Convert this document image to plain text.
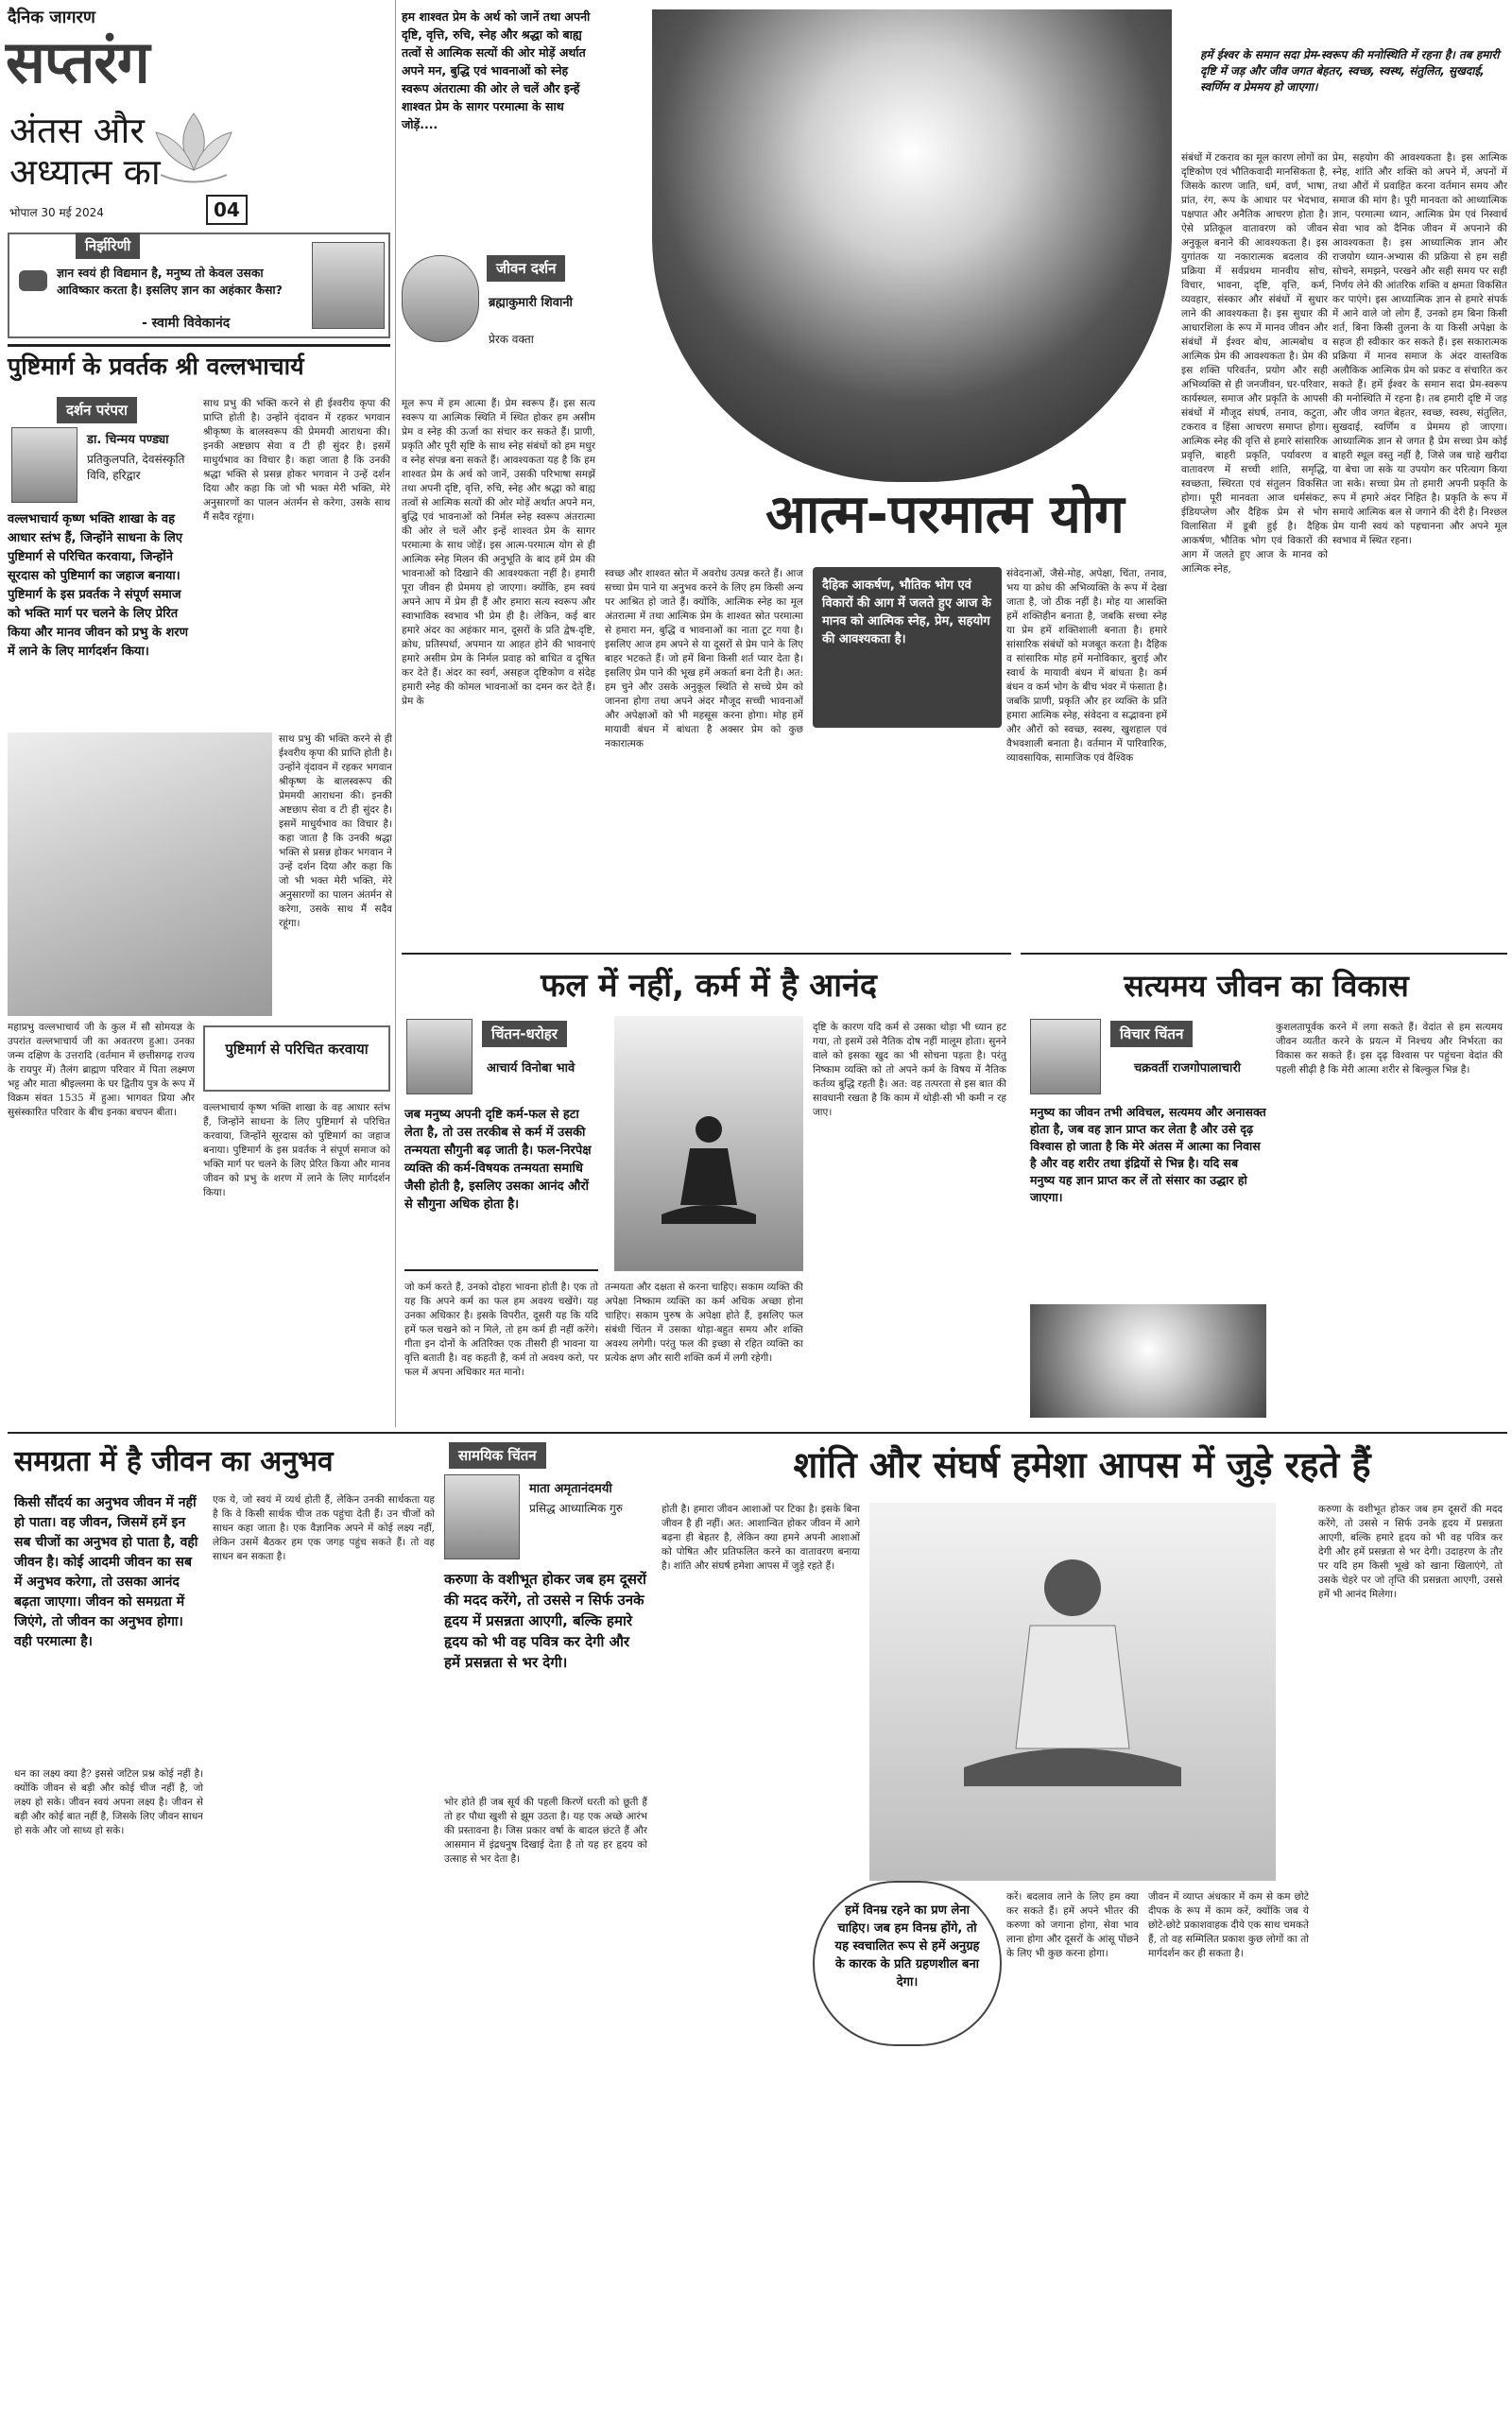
दैनिक जागरण
सप्तरंग
अंतस और
अध्यात्म का
भोपाल 30 मई 2024	04
निर्झरिणी
ज्ञान स्वयं ही विद्यमान है, मनुष्य तो केवल उसका आविष्कार करता है। इसलिए ज्ञान का अहंकार कैसा?
- स्वामी विवेकानंद
हम शाश्वत प्रेम के अर्थ को जानें तथा अपनी दृष्टि, वृत्ति, रुचि, स्नेह और श्रद्धा को बाह्य तत्वों से आत्मिक सत्यों की ओर मोड़ें अर्थात अपने मन, बुद्धि एवं भावनाओं को स्नेह स्वरूप अंतरात्मा की ओर ले चलें और इन्हें शाश्वत प्रेम के सागर परमात्मा के साथ जोड़ें....
जीवन दर्शन
ब्रह्माकुमारी शिवानी
प्रेरक वक्ता
हमें ईश्वर के समान सदा प्रेम-स्वरूप की मनोस्थिति में रहना है। तब हमारी दृष्टि में जड़ और जीव जगत बेहतर, स्वच्छ, स्वस्थ, संतुलित, सुखदाई, स्वर्णिम व प्रेममय हो जाएगा।
आत्म-परमात्म योग
दैहिक आकर्षण, भौतिक भोग एवं विकारों की आग में जलते हुए आज के मानव को आत्मिक स्नेह, प्रेम, सहयोग की आवश्यकता है।
मूल रूप में हम आत्मा हैं। प्रेम स्वरूप हैं। इस सत्य स्वरूप या आत्मिक स्थिति में स्थित होकर हम असीम प्रेम व स्नेह की ऊर्जा का संचार कर सकते हैं। प्राणी, प्रकृति और पूरी सृष्टि के साथ स्नेह संबंधों को हम मधुर व स्नेह संपन्न बना सकते हैं। आवश्यकता यह है कि हम शाश्वत प्रेम के अर्थ को जानें, उसकी परिभाषा समझें तथा अपनी दृष्टि, वृत्ति, रुचि, स्नेह और श्रद्धा को बाह्य तत्वों से आत्मिक सत्यों की ओर मोड़ें अर्थात अपने मन, बुद्धि एवं भावनाओं को निर्मल स्नेह स्वरूप अंतरात्मा की ओर ले चलें और इन्हें शाश्वत प्रेम के सागर परमात्मा के साथ जोड़ें। इस आत्म-परमात्म योग से ही आत्मिक स्नेह मिलन की अनुभूति के बाद हमें प्रेम की भावनाओं को दिखाने की आवश्यकता नहीं है। हमारी पूरा जीवन ही प्रेममय हो जाएगा। क्योंकि, हम स्वयं अपने आप में प्रेम ही हैं और हमारा सत्य स्वरूप और स्वाभाविक स्वभाव भी प्रेम ही है। लेकिन, कई बार हमारे अंदर का अहंकार मान, दूसरों के प्रति द्वेष-दृष्टि, क्रोध, प्रतिस्पर्धा, अपमान या आहत होने की भावनाएं हमारे असीम प्रेम के निर्मल प्रवाह को बाधित व दूषित कर देते हैं। अंदर का स्वर्ग, असहज दृष्टिकोण व संदेह हमारी स्नेह की कोमल भावनाओं का दमन कर देते हैं। प्रेम के
स्वच्छ और शाश्वत स्रोत में अवरोध उत्पन्न करते हैं। आज सच्चा प्रेम पाने या अनुभव करने के लिए हम किसी अन्य पर आश्रित हो जाते हैं। क्योंकि, आत्मिक स्नेह का मूल अंतरात्मा में तथा आत्मिक प्रेम के शाश्वत स्रोत परमात्मा से हमारा मन, बुद्धि व भावनाओं का नाता टूट गया है। इसलिए आज हम अपने से या दूसरों से प्रेम पाने के लिए बाहर भटकते हैं। जो हमें बिना किसी शर्त प्यार देता है। इसलिए प्रेम पाने की भूख हमें अकर्ता बना देती है। अत: हम चुने और उसके अनुकूल स्थिति से सच्चे प्रेम को जानना होगा तथा अपने अंदर मौजूद सच्ची भावनाओं और अपेक्षाओं को भी महसूस करना होगा। मोह हमें मायावी बंधन में बांधता है अक्सर प्रेम को कुछ नकारात्मक
संवेदनाओं, जैसे-मोह, अपेक्षा, चिंता, तनाव, भय या क्रोध की अभिव्यक्ति के रूप में देखा जाता है, जो ठीक नहीं है। मोह या आसक्ति हमें शक्तिहीन बनाता है, जबकि सच्चा स्नेह या प्रेम हमें शक्तिशाली बनाता है। हमारे सांसारिक संबंधों को मजबूत करता है। दैहिक व सांसारिक मोह हमें मनोविकार, बुराई और स्वार्थ के मायावी बंधन में बांधता है। कर्म बंधन व कर्म भोग के बीच भंवर में फंसाता है। जबकि प्राणी, प्रकृति और हर व्यक्ति के प्रति हमारा आत्मिक स्नेह, संवेदना व सद्भावना हमें और औरों को स्वच्छ, स्वस्थ, खुशहाल एवं वैभवशाली बनाता है। वर्तमान में पारिवारिक, व्यावसायिक, सामाजिक एवं वैश्विक
संबंधों में टकराव का मूल कारण लोगों का दृष्टिकोण एवं भौतिकवादी मानसिकता है, जिसके कारण जाति, धर्म, वर्ण, भाषा, प्रांत, रंग, रूप के आधार पर भेदभाव, पक्षपात और अनैतिक आचरण होता है। ऐसे प्रतिकूल वातावरण को जीवन अनुकूल बनाने की आवश्यकता है। इस युगांतक या नकारात्मक बदलाव की प्रक्रिया में सर्वप्रथम मानवीय सोच, विचार, भावना, दृष्टि, वृत्ति, कर्म, व्यवहार, संस्कार और संबंधों में सुधार लाने की आवश्यकता है। इस सुधार की आधारशिला के रूप में मानव जीवन और संबंधों में ईश्वर बोध, आत्मबोध व आत्मिक प्रेम की आवश्यकता है। प्रेम की इस शक्ति परिवर्तन, प्रयोग और सही अभिव्यक्ति से ही जनजीवन, घर-परिवार, कार्यस्थल, समाज और प्रकृति के आपसी संबंधों में मौजूद संघर्ष, तनाव, कटुता, टकराव व हिंसा आचरण समाप्त होगा। आत्मिक स्नेह की वृत्ति से हमारे सांसारिक प्रवृत्ति, बाहरी प्रकृति, पर्यावरण व वातावरण में सच्ची शांति, समृद्धि, स्वच्छता, स्थिरता एवं संतुलन विकसित होगा। पूरी मानवता आज धर्मसंकट, ईडियप्लेण और दैहिक प्रेम से भोग विलासिता में डूबी हुई है। दैहिक आकर्षण, भौतिक भोग एवं विकारों की आग में जलते हुए आज के मानव को आत्मिक स्नेह,
प्रेम, सहयोग की आवश्यकता है। इस आत्मिक स्नेह, शांति और शक्ति को अपने में, अपनों में तथा औरों में प्रवाहित करना वर्तमान समय और समाज की मांग है। पूरी मानवता को आध्यात्मिक ज्ञान, परमात्मा ध्यान, आत्मिक प्रेम एवं निस्वार्थ सेवा भाव को दैनिक जीवन में अपनाने की आवश्यकता है। इस आध्यात्मिक ज्ञान और राजयोग ध्यान-अभ्यास की प्रक्रिया से हम सही सोचने, समझने, परखने और सही समय पर सही निर्णय लेने की आंतरिक शक्ति व क्षमता विकसित कर पाएंगे। इस आध्यात्मिक ज्ञान से हमारे संपर्क में आने वाले जो लोग हैं, उनको हम बिना किसी शर्त, बिना किसी तुलना के या किसी अपेक्षा के सहज ही स्वीकार कर सकते हैं। इस सकारात्मक प्रक्रिया में मानव समाज के अंदर वास्तविक अलौकिक आत्मिक प्रेम को प्रकट व संचारित कर सकते हैं। हमें ईश्वर के समान सदा प्रेम-स्वरूप की मनोस्थिति में रहना है। तब हमारी दृष्टि में जड़ और जीव जगत बेहतर, स्वच्छ, स्वस्थ, संतुलित, सुखदाई, स्वर्णिम व प्रेममय हो जाएगा। आध्यात्मिक ज्ञान से जगत है प्रेम सच्चा प्रेम कोई बाहरी स्थूल वस्तु नहीं है, जिसे जब चाहे खरीदा या बेचा जा सके या उपयोग कर परित्याग किया जा सके। सच्चा प्रेम तो हमारी अपनी प्रकृति के रूप में हमारे अंदर निहित है। प्रकृति के रूप में समाये आत्मिक बल से जगाने की देरी है। निश्छल प्रेम यानी स्वयं को पहचानना और अपने मूल स्वभाव में स्थित रहना।
पुष्टिमार्ग के प्रवर्तक श्री वल्लभाचार्य
दर्शन परंपरा
डा. चिन्मय पण्ड्या
प्रतिकुलपति, देवसंस्कृति विवि, हरिद्वार
वल्लभाचार्य कृष्ण भक्ति शाखा के वह आधार स्तंभ हैं, जिन्होंने साधना के लिए पुष्टिमार्ग से परिचित करवाया, जिन्होंने सूरदास को पुष्टिमार्ग का जहाज बनाया। पुष्टिमार्ग के इस प्रवर्तक ने संपूर्ण समाज को भक्ति मार्ग पर चलने के लिए प्रेरित किया और मानव जीवन को प्रभु के शरण में लाने के लिए मार्गदर्शन किया।
साथ प्रभु की भक्ति करने से ही ईश्वरीय कृपा की प्राप्ति होती है। उन्होंने वृंदावन में रहकर भगवान श्रीकृष्ण के बालस्वरूप की प्रेममयी आराधना की। इनकी अष्टछाप सेवा व टी ही सुंदर है। इसमें माधुर्यभाव का विचार है। कहा जाता है कि उनकी श्रद्धा भक्ति से प्रसन्न होकर भगवान ने उन्हें दर्शन दिया और कहा कि जो भी भक्त मेरी भक्ति, मेरे अनुसारणों का पालन अंतर्मन से करेगा, उसके साथ मैं सदैव रहूंगा।
महाप्रभु वल्लभाचार्य जी के कुल में सौ सोमयज्ञ के उपरांत वल्लभाचार्य जी का अवतरण हुआ। उनका जन्म दक्षिण के उत्तरादि (वर्तमान में छत्तीसगढ़ राज्य के रायपुर में) तैलंग ब्राह्मण परिवार में पिता लक्ष्मण भट्ट और माता श्रीइल्लमा के घर द्वितीय पुत्र के रूप में विक्रम संवत 1535 में हुआ। भागवत प्रिया और सुसंस्कारित परिवार के बीच इनका बचपन बीता।
साथ प्रभु की भक्ति करने से ही ईश्वरीय कृपा की प्राप्ति होती है। उन्होंने वृंदावन में रहकर भगवान श्रीकृष्ण के बालस्वरूप की प्रेममयी आराधना की। इनकी अष्टछाप सेवा व टी ही सुंदर है। इसमें माधुर्यभाव का विचार है। कहा जाता है कि उनकी श्रद्धा भक्ति से प्रसन्न होकर भगवान ने उन्हें दर्शन दिया और कहा कि जो भी भक्त मेरी भक्ति, मेरे अनुसारणों का पालन अंतर्मन से करेगा, उसके साथ मैं सदैव रहूंगा।
पुष्टिमार्ग से परिचित करवाया
वल्लभाचार्य कृष्ण भक्ति शाखा के वह आधार स्तंभ हैं, जिन्होंने साधना के लिए पुष्टिमार्ग से परिचित करवाया, जिन्होंने सूरदास को पुष्टिमार्ग का जहाज बनाया। पुष्टिमार्ग के इस प्रवर्तक ने संपूर्ण समाज को भक्ति मार्ग पर चलने के लिए प्रेरित किया और मानव जीवन को प्रभु के शरण में लाने के लिए मार्गदर्शन किया।
फल में नहीं, कर्म में है आनंद
चिंतन-धरोहर
आचार्य विनोबा भावे
जब मनुष्य अपनी दृष्टि कर्म-फल से हटा लेता है, तो उस तरकीब से कर्म में उसकी तन्मयता सौगुनी बढ़ जाती है। फल-निरपेक्ष व्यक्ति की कर्म-विषयक तन्मयता समाधि जैसी होती है, इसलिए उसका आनंद औरों से सौगुना अधिक होता है।
जो कर्म करते हैं, उनको दोहरा भावना होती है। एक तो यह कि अपने कर्म का फल हम अवश्य चखेंगे। यह उनका अधिकार है। इसके विपरीत, दूसरी यह कि यदि हमें फल चखने को न मिले, तो हम कर्म ही नहीं करेंगे। गीता इन दोनों के अतिरिक्त एक तीसरी ही भावना या वृत्ति बताती है। वह कहती है, कर्म तो अवश्य करो, पर फल में अपना अधिकार मत मानो।
तन्मयता और दक्षता से करना चाहिए। सकाम व्यक्ति की अपेक्षा निष्काम व्यक्ति का कर्म अधिक अच्छा होना चाहिए। सकाम पुरुष के अपेक्षा होते हैं, इसलिए फल संबंधी चिंतन में उसका थोड़ा-बहुत समय और शक्ति अवश्य लगेगी। परंतु फल की इच्छा से रहित व्यक्ति का प्रत्येक क्षण और सारी शक्ति कर्म में लगी रहेगी।
दृष्टि के कारण यदि कर्म से उसका थोड़ा भी ध्यान हट गया, तो इसमें उसे नैतिक दोष नहीं मालूम होता। सुनने वाले को इसका खुद का भी सोचना पड़ता है। परंतु निष्काम व्यक्ति को तो अपने कर्म के विषय में नैतिक कर्तव्य बुद्धि रहती है। अत: वह तत्परता से इस बात की सावधानी रखता है कि काम में थोड़ी-सी भी कमी न रह जाए।
सत्यमय जीवन का विकास
विचार चिंतन
चक्रवर्ती राजगोपालाचारी
मनुष्य का जीवन तभी अविचल, सत्यमय और अनासक्त होता है, जब वह ज्ञान प्राप्त कर लेता है और उसे दृढ़ विश्वास हो जाता है कि मेरे अंतस में आत्मा का निवास है और वह शरीर तथा इंद्रियों से भिन्न है। यदि सब मनुष्य यह ज्ञान प्राप्त कर लें तो संसार का उद्धार हो जाएगा।
कुशलतापूर्वक करने में लगा सकते हैं। वेदांत से हम सत्यमय जीवन व्यतीत करने के प्रयत्न में निश्चय और निर्भरता का विकास कर सकते हैं। इस दृढ़ विश्वास पर पहुंचना वेदांत की पहली सीढ़ी है कि मेरी आत्मा शरीर से बिल्कुल भिन्न है।
समग्रता में है जीवन का अनुभव
किसी सौंदर्य का अनुभव जीवन में नहीं हो पाता। वह जीवन, जिसमें हमें इन सब चीजों का अनुभव हो पाता है, वही जीवन है। कोई आदमी जीवन का सब में अनुभव करेगा, तो उसका आनंद बढ़ता जाएगा। जीवन को समग्रता में जिएंगे, तो जीवन का अनुभव होगा। वही परमात्मा है।
धन का लक्ष्य क्या है? इससे जटिल प्रश्न कोई नहीं है। क्योंकि जीवन से बड़ी और कोई चीज नहीं है, जो लक्ष्य हो सके। जीवन स्वयं अपना लक्ष्य है। जीवन से बड़ी और कोई बात नहीं है, जिसके लिए जीवन साधन हो सके और जो साध्य हो सके।
एक ये, जो स्वयं में व्यर्थ होती हैं, लेकिन उनकी सार्थकता यह है कि वे किसी सार्थक चीज तक पहुंचा देती हैं। उन चीजों को साधन कहा जाता है। एक वैज्ञानिक अपने में कोई लक्ष्य नहीं, लेकिन उसमें बैठकर हम एक जगह पहुंच सकते हैं। तो वह साधन बन सकता है।
सामयिक चिंतन
माता अमृतानंदमयी
प्रसिद्ध आध्यात्मिक गुरु
करुणा के वशीभूत होकर जब हम दूसरों की मदद करेंगे, तो उससे न सिर्फ उनके हृदय में प्रसन्नता आएगी, बल्कि हमारे हृदय को भी वह पवित्र कर देगी और हमें प्रसन्नता से भर देगी।
भोर होते ही जब सूर्य की पहली किरणें धरती को छूती हैं तो हर पौधा खुशी से झूम उठता है। यह एक अच्छे आरंभ की प्रस्तावना है। जिस प्रकार वर्षा के बादल छंटते हैं और आसमान में इंद्रधनुष दिखाई देता है तो यह हर हृदय को उत्साह से भर देता है।
शांति और संघर्ष हमेशा आपस में जुड़े रहते हैं
होती है। हमारा जीवन आशाओं पर टिका है। इसके बिना जीवन है ही नहीं। अत: आशान्वित होकर जीवन में आगे बढ़ना ही बेहतर है, लेकिन क्या हमने अपनी आशाओं को पोषित और प्रतिफलित करने का वातावरण बनाया है। शांति और संघर्ष हमेशा आपस में जुड़े रहते हैं।
हमें विनम्र रहने का प्रण लेना चाहिए। जब हम विनम्र होंगे, तो यह स्वचालित रूप से हमें अनुग्रह के कारक के प्रति ग्रहणशील बना देगा।
करें। बदलाव लाने के लिए हम क्या कर सकते हैं। हमें अपने भीतर की करुणा को जगाना होगा, सेवा भाव लाना होगा और दूसरों के आंसू पोंछने के लिए भी कुछ करना होगा।
जीवन में व्याप्त अंधकार में कम से कम छोटे दीपक के रूप में काम करें, क्योंकि जब ये छोटे-छोटे प्रकाशवाहक दीये एक साथ चमकते हैं, तो वह सम्मिलित प्रकाश कुछ लोगों का तो मार्गदर्शन कर ही सकता है।
करुणा के वशीभूत होकर जब हम दूसरों की मदद करेंगे, तो उससे न सिर्फ उनके हृदय में प्रसन्नता आएगी, बल्कि हमारे हृदय को भी वह पवित्र कर देगी और हमें प्रसन्नता से भर देगी। उदाहरण के तौर पर यदि हम किसी भूखे को खाना खिलाएंगे, तो उसके चेहरे पर जो तृप्ति की प्रसन्नता आएगी, उससे हमें भी आनंद मिलेगा।
